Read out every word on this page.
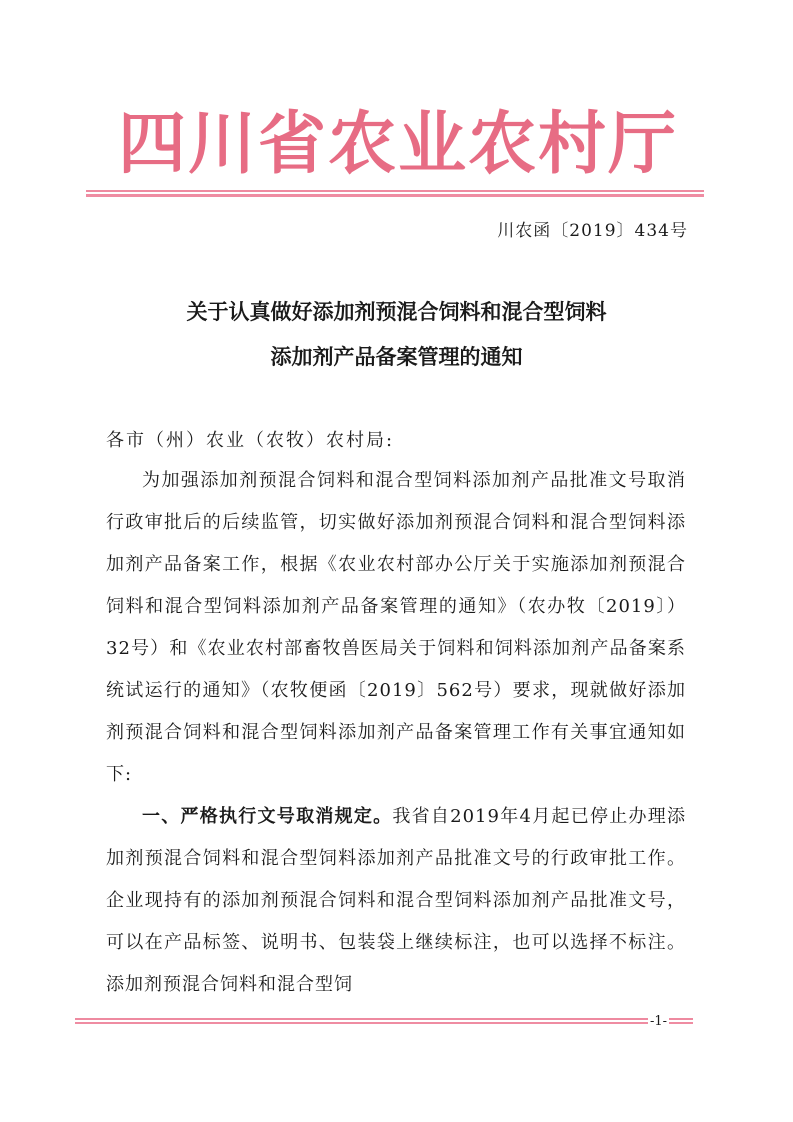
四川省农业农村厅
川农函〔2019〕434号
关于认真做好添加剂预混合饲料和混合型饲料
添加剂产品备案管理的通知
各市（州）农业（农牧）农村局:

为加强添加剂预混合饲料和混合型饲料添加剂产品批准文号取消行政审批后的后续监管，切实做好添加剂预混合饲料和混合型饲料添加剂产品备案工作，根据《农业农村部办公厅关于实施添加剂预混合饲料和混合型饲料添加剂产品备案管理的通知》（农办牧〔2019〕）32号）和《农业农村部畜牧兽医局关于饲料和饲料添加剂产品备案系统试运行的通知》（农牧便函〔2019〕562号）要求，现就做好添加剂预混合饲料和混合型饲料添加剂产品备案管理工作有关事宜通知如下:

一、严格执行文号取消规定。我省自2019年4月起已停止办理添加剂预混合饲料和混合型饲料添加剂产品批准文号的行政审批工作。企业现持有的添加剂预混合饲料和混合型饲料添加剂产品批准文号，可以在产品标签、说明书、包装袋上继续标注，也可以选择不标注。添加剂预混合饲料和混合型饲

-1-
